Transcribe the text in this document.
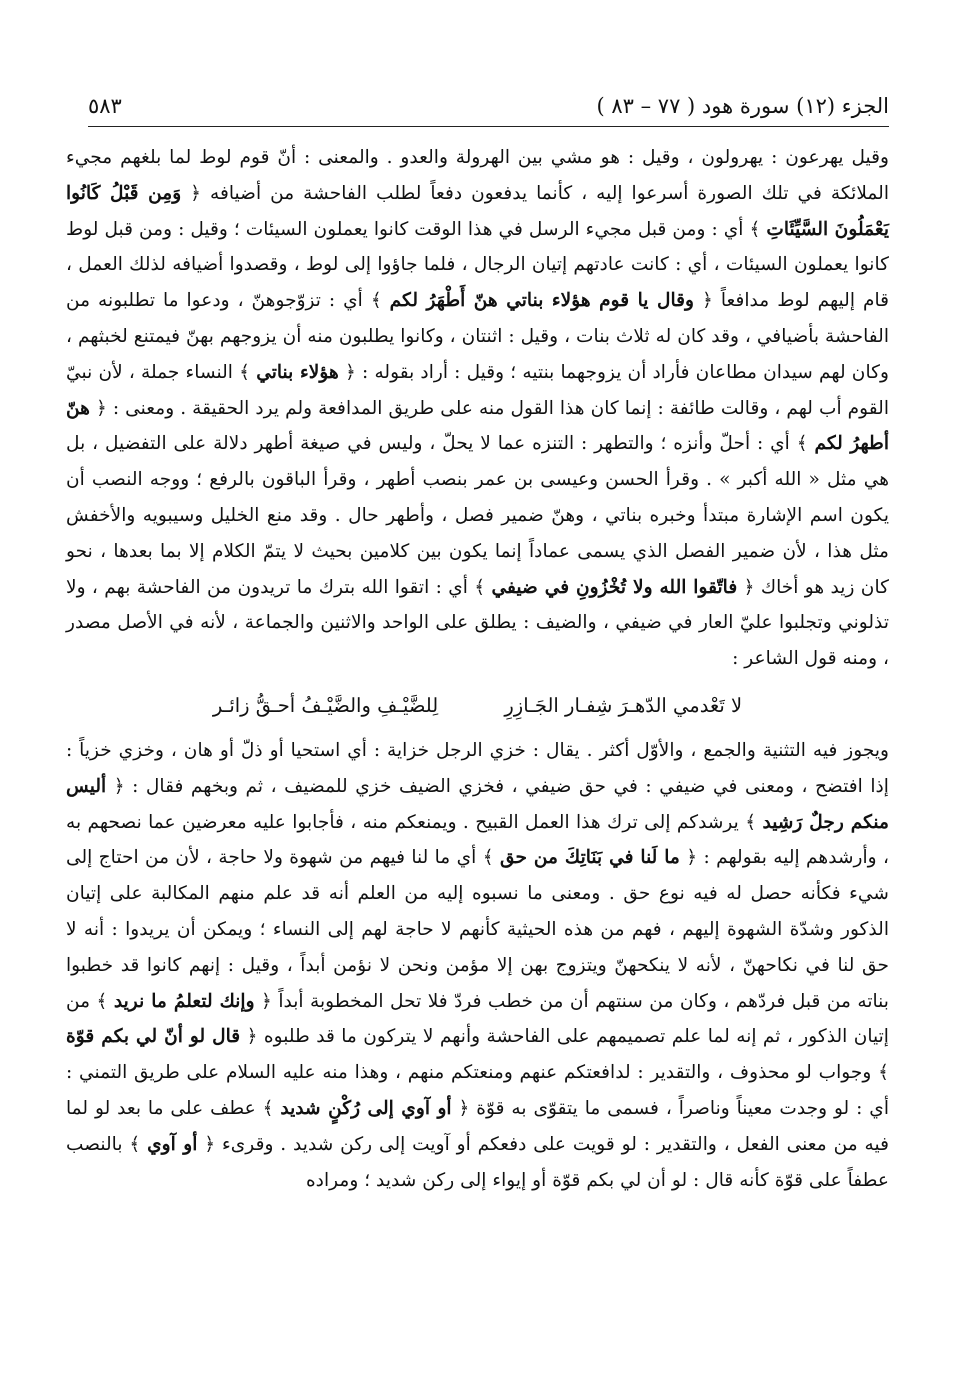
الجزء (١٢) سورة هود ( ٧٧ – ٨٣ )
٥٨٣

وقيل يهرعون : يهرولون ، وقيل : هو مشي بين الهرولة والعدو . والمعنى : أنّ قوم لوط لما بلغهم مجيء الملائكة في تلك الصورة أسرعوا إليه ، كأنما يدفعون دفعاً لطلب الفاحشة من أضيافه ﴿ وَمِن قَبْلُ كَانُوا يَعْمَلُونَ السَّيِّئَاتِ ﴾ أي : ومن قبل مجيء الرسل في هذا الوقت كانوا يعملون السيئات ؛ وقيل : ومن قبل لوط كانوا يعملون السيئات ، أي : كانت عادتهم إتيان الرجال ، فلما جاؤوا إلى لوط ، وقصدوا أضيافه لذلك العمل ، قام إليهم لوط مدافعاً ﴿ وقال يا قوم هؤلاء بناتي هنّ أَطْهَرُ لكم ﴾ أي : تزوّجوهنّ ، ودعوا ما تطلبونه من الفاحشة بأضيافي ، وقد كان له ثلاث بنات ، وقيل : اثنتان ، وكانوا يطلبون منه أن يزوجهم بهنّ فيمتنع لخبثهم ، وكان لهم سيدان مطاعان فأراد أن يزوجهما بنتيه ؛ وقيل : أراد بقوله : ﴿ هؤلاء بناتي ﴾ النساء جملة ، لأن نبيّ القوم أب لهم ، وقالت طائفة : إنما كان هذا القول منه على طريق المدافعة ولم يرد الحقيقة . ومعنى : ﴿ هنّ أطهرُ لكم ﴾ أي : أحلّ وأنزه ؛ والتطهر : التنزه عما لا يحلّ ، وليس في صيغة أطهر دلالة على التفضيل ، بل هي مثل « الله أكبر » . وقرأ الحسن وعيسى بن عمر بنصب أطهر ، وقرأ الباقون بالرفع ؛ ووجه النصب أن يكون اسم الإشارة مبتدأ وخبره بناتي ، وهنّ ضمير فصل ، وأطهر حال . وقد منع الخليل وسيبويه والأخفش مثل هذا ، لأن ضمير الفصل الذي يسمى عماداً إنما يكون بين كلامين بحيث لا يتمّ الكلام إلا بما بعدها ، نحو كان زيد هو أخاك ﴿ فاتّقوا الله ولا تُخْزُونِ في ضيفي ﴾ أي : اتقوا الله بترك ما تريدون من الفاحشة بهم ، ولا تذلوني وتجلبوا عليّ العار في ضيفي ، والضيف : يطلق على الواحد والاثنين والجماعة ، لأنه في الأصل مصدر ، ومنه قول الشاعر :

لا تَعْدمي الدّهـرَ شِفـار الجَـازِرِ لِلضَّيْـفِ والضَّيْـفُ أحـقُّ زائـر

ويجوز فيه التثنية والجمع ، والأوّل أكثر . يقال : خزي الرجل خزاية : أي استحيا أو ذلّ أو هان ، وخزي خزياً : إذا افتضح ، ومعنى في ضيفي : في حق ضيفي ، فخزي الضيف خزي للمضيف ، ثم وبخهم فقال : ﴿ أليس منكم رجلٌ رَشِيد ﴾ يرشدكم إلى ترك هذا العمل القبيح . ويمنعكم منه ، فأجابوا عليه معرضين عما نصحهم به ، وأرشدهم إليه بقولهم : ﴿ ما لَنا في بَنَاتِكَ من حق ﴾ أي ما لنا فيهم من شهوة ولا حاجة ، لأن من احتاج إلى شيء فكأنه حصل له فيه نوع حق . ومعنى ما نسبوه إليه من العلم أنه قد علم منهم المكالبة على إتيان الذكور وشدّة الشهوة إليهم ، فهم من هذه الحيثية كأنهم لا حاجة لهم إلى النساء ؛ ويمكن أن يريدوا : أنه لا حق لنا في نكاحهنّ ، لأنه لا ينكحهنّ ويتزوج بهن إلا مؤمن ونحن لا نؤمن أبداً ، وقيل : إنهم كانوا قد خطبوا بناته من قبل فردّهم ، وكان من سنتهم أن من خطب فردّ فلا تحل المخطوبة أبداً ﴿ وإنك لتعلمُ ما نريد ﴾ من إتيان الذكور ، ثم إنه لما علم تصميمهم على الفاحشة وأنهم لا يتركون ما قد طلبوه ﴿ قال لو أنّ لي بكم قوّة ﴾ وجواب لو محذوف ، والتقدير : لدافعتكم عنهم ومنعتكم منهم ، وهذا منه عليه السلام على طريق التمني : أي : لو وجدت معيناً وناصراً ، فسمى ما يتقوّى به قوّة ﴿ أو آوي إلى رُكْنٍ شديد ﴾ عطف على ما بعد لو لما فيه من معنى الفعل ، والتقدير : لو قويت على دفعكم أو آويت إلى ركن شديد . وقرىء ﴿ أو آوي ﴾ بالنصب عطفاً على قوّة كأنه قال : لو أن لي بكم قوّة أو إيواء إلى ركن شديد ؛ ومراده
